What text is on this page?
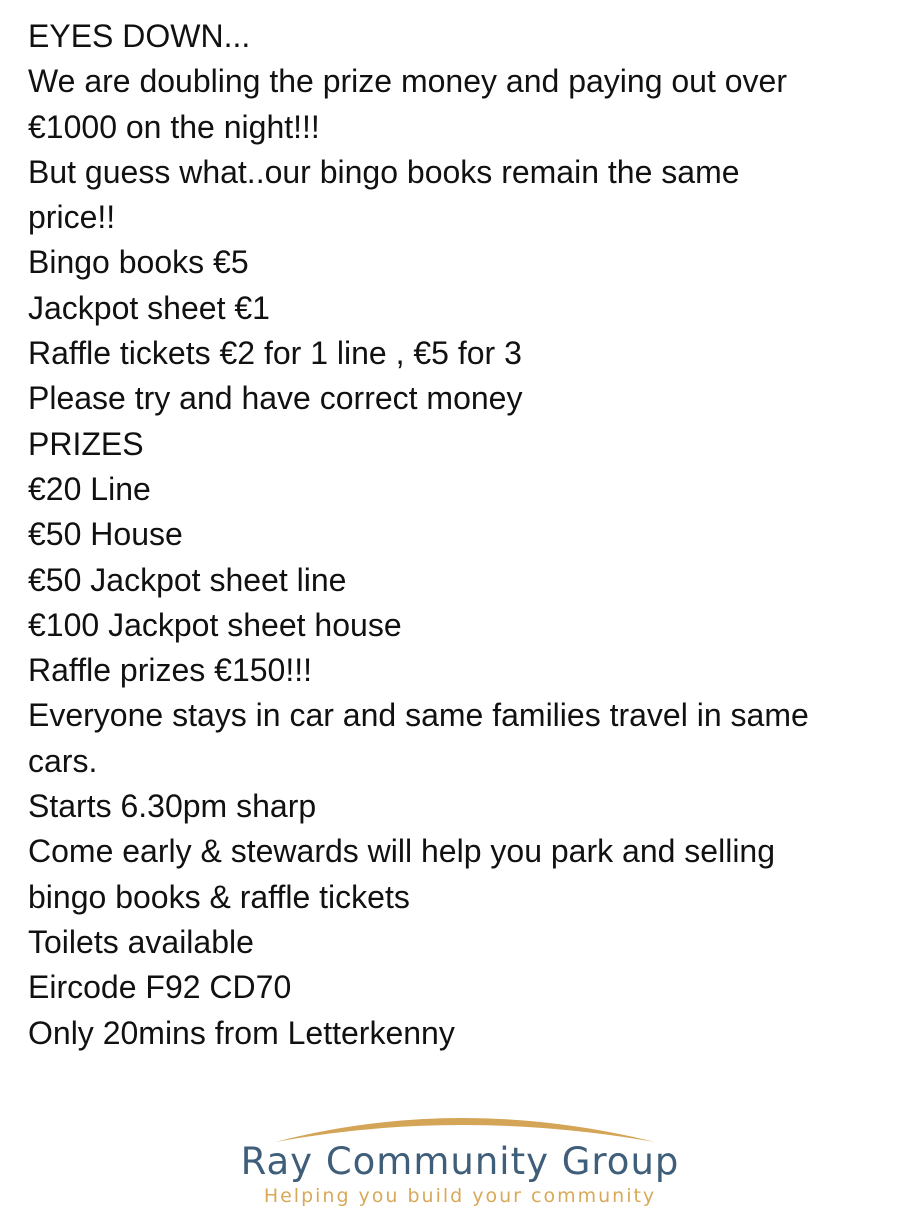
EYES DOWN...

We are doubling the prize money and paying out over

€1000 on the night!!!

But guess what..our bingo books remain the same

price!!

Bingo books €5

Jackpot sheet €1

Raffle tickets €2 for 1 line , €5 for 3

Please try and have correct money

PRIZES

€20 Line

€50 House

€50 Jackpot sheet line

€100 Jackpot sheet house

Raffle prizes €150!!!

Everyone stays in car and same families travel in same

cars.

Starts 6.30pm sharp

Come early & stewards will help you park and selling

bingo books & raffle tickets

Toilets available

Eircode F92 CD70

Only 20mins from Letterkenny

Ray Community Group
Helping you build your community
